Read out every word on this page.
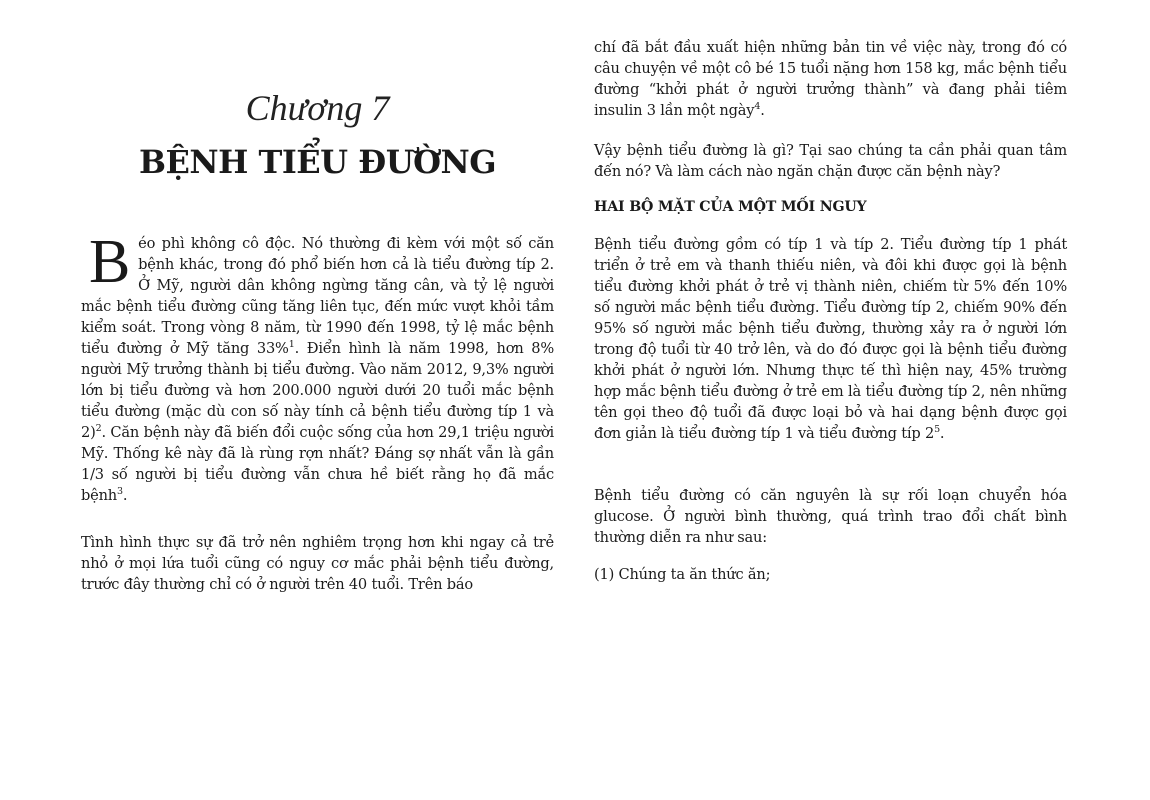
Chương 7
BỆNH TIỂU ĐƯỜNG

Béo phì không cô độc. Nó thường đi kèm với một số căn bệnh khác, trong đó phổ biến hơn cả là tiểu đường típ 2. Ở Mỹ, người dân không ngừng tăng cân, và tỷ lệ người mắc bệnh tiểu đường cũng tăng liên tục, đến mức vượt khỏi tầm kiểm soát. Trong vòng 8 năm, từ 1990 đến 1998, tỷ lệ mắc bệnh tiểu đường ở Mỹ tăng 33%$^1$. Điển hình là năm 1998, hơn 8% người Mỹ trưởng thành bị tiểu đường. Vào năm 2012, 9,3% người lớn bị tiểu đường và hơn 200.000 người dưới 20 tuổi mắc bệnh tiểu đường (mặc dù con số này tính cả bệnh tiểu đường típ 1 và 2)$^2$. Căn bệnh này đã biến đổi cuộc sống của hơn 29,1 triệu người Mỹ. Thống kê này đã là rùng rợn nhất? Đáng sợ nhất vẫn là gần 1/3 số người bị tiểu đường vẫn chưa hề biết rằng họ đã mắc bệnh$^3$.

Tình hình thực sự đã trở nên nghiêm trọng hơn khi ngay cả trẻ nhỏ ở mọi lứa tuổi cũng có nguy cơ mắc phải bệnh tiểu đường, trước đây thường chỉ có ở người trên 40 tuổi. Trên báo

chí đã bắt đầu xuất hiện những bản tin về việc này, trong đó có câu chuyện về một cô bé 15 tuổi nặng hơn 158 kg, mắc bệnh tiểu đường “khởi phát ở người trưởng thành” và đang phải tiêm insulin 3 lần một ngày$^4$.

Vậy bệnh tiểu đường là gì? Tại sao chúng ta cần phải quan tâm đến nó? Và làm cách nào ngăn chặn được căn bệnh này?

HAI BỘ MẶT CỦA MỘT MỐI NGUY

Bệnh tiểu đường gồm có típ 1 và típ 2. Tiểu đường típ 1 phát triển ở trẻ em và thanh thiếu niên, và đôi khi được gọi là bệnh tiểu đường khởi phát ở trẻ vị thành niên, chiếm từ 5% đến 10% số người mắc bệnh tiểu đường. Tiểu đường típ 2, chiếm 90% đến 95% số người mắc bệnh tiểu đường, thường xảy ra ở người lớn trong độ tuổi từ 40 trở lên, và do đó được gọi là bệnh tiểu đường khởi phát ở người lớn. Nhưng thực tế thì hiện nay, 45% trường hợp mắc bệnh tiểu đường ở trẻ em là tiểu đường típ 2, nên những tên gọi theo độ tuổi đã được loại bỏ và hai dạng bệnh được gọi đơn giản là tiểu đường típ 1 và tiểu đường típ $2^5$.

Bệnh tiểu đường có căn nguyên là sự rối loạn chuyển hóa glucose. Ở người bình thường, quá trình trao đổi chất bình thường diễn ra như sau:

(1) Chúng ta ăn thức ăn;
